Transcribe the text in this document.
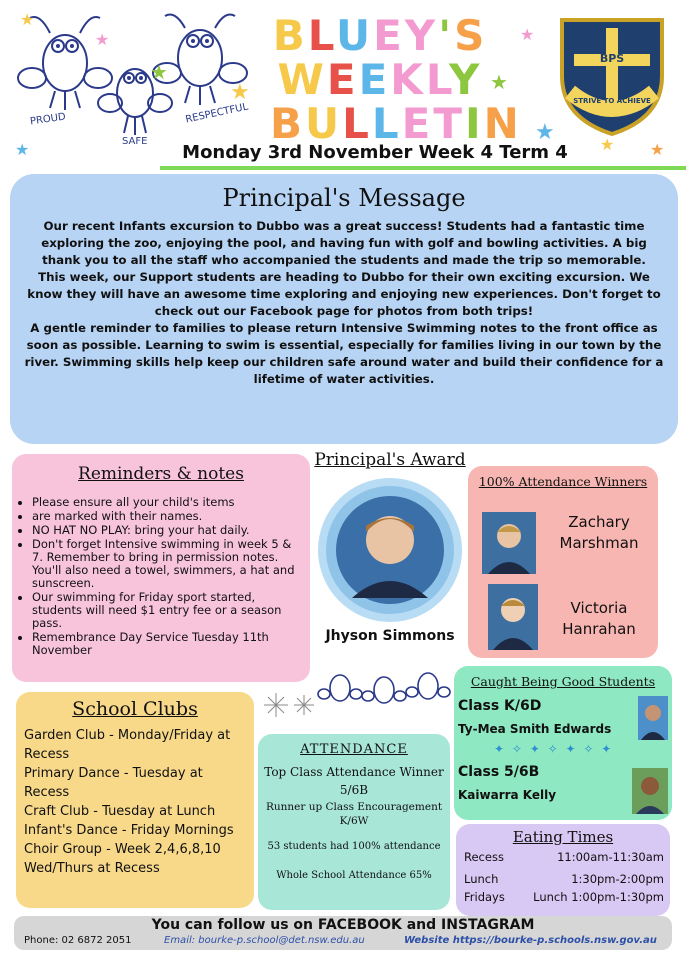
PROUD
SAFE
RESPECTFUL
★
★
★
★
★	★
★
★	★ ★
BLUEY'S
WEEKLY
BULLETIN
BPS
STRIVE TO ACHIEVE
Monday 3rd November Week 4 Term 4
Principal's Message
Our recent Infants excursion to Dubbo was a great success! Students had a fantastic time exploring the zoo, enjoying the pool, and having fun with golf and bowling activities. A big thank you to all the staff who accompanied the students and made the trip so memorable.
This week, our Support students are heading to Dubbo for their own exciting excursion. We know they will have an awesome time exploring and enjoying new experiences. Don't forget to check out our Facebook page for photos from both trips!
A gentle reminder to families to please return Intensive Swimming notes to the front office as soon as possible. Learning to swim is essential, especially for families living in our town by the river. Swimming skills help keep our children safe around water and build their confidence for a lifetime of water activities.
Reminders & notes
• Please ensure all your child's items
• are marked with their names.
• NO HAT NO PLAY: bring your hat daily.
• Don't forget Intensive swimming in week 5 & 7. Remember to bring in permission notes. You'll also need a towel, swimmers, a hat and sunscreen.
• Our swimming for Friday sport started, students will need $1 entry fee or a season pass.
• Remembrance Day Service Tuesday 11th November
Principal's Award
Jhyson Simmons
100% Attendance Winners
Zachary
Marshman
Victoria
Hanrahan
School Clubs

Garden Club - Monday/Friday at Recess

Primary Dance - Tuesday at Recess

Craft Club - Tuesday at Lunch

Infant's Dance - Friday Mornings

Choir Group - Week 2,4,6,8,10 Wed/Thurs at Recess

ATTENDANCE
Top Class Attendance Winner
5/6B
Runner up Class Encouragement
K/6W
53 students had 100% attendance
Whole School Attendance 65%
Caught Being Good Students
Class K/6D
Ty-Mea Smith Edwards
✦ ✧ ✦ ✧ ✦ ✧ ✦
Class 5/6B
Kaiwarra Kelly
Eating Times
Recess	11:00am-11:30am
Lunch	1:30pm-2:00pm
Fridays	Lunch 1:00pm-1:30pm
You can follow us on FACEBOOK and INSTAGRAM
Phone: 02 6872 2051	Email: bourke-p.school@det.nsw.edu.au	Website https://bourke-p.schools.nsw.gov.au
